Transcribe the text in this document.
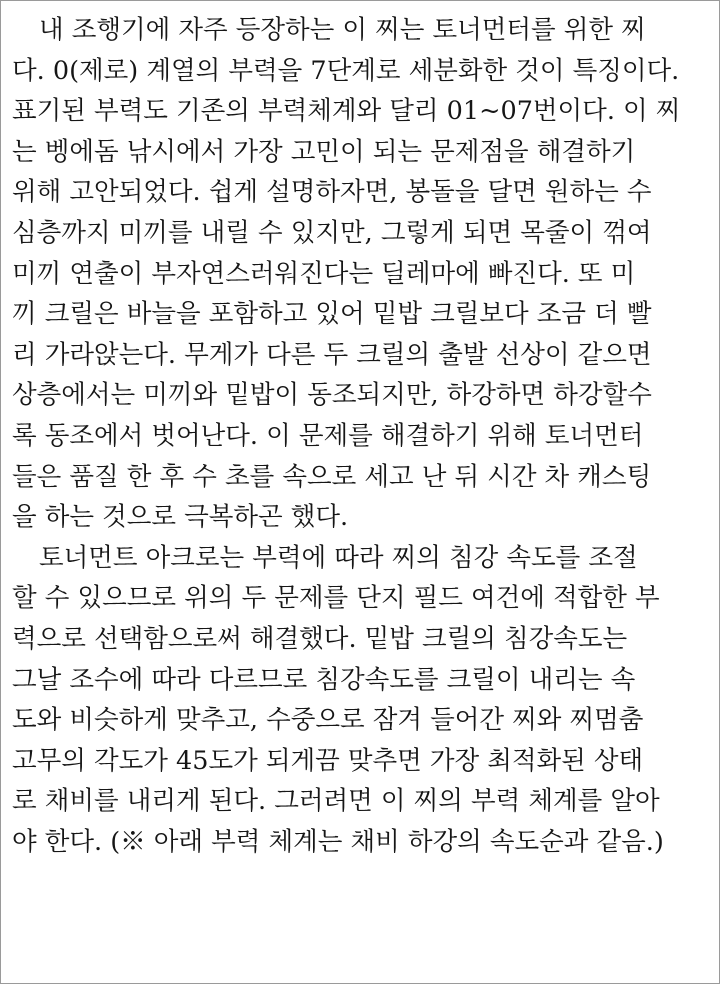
내 조행기에 자주 등장하는 이 찌는 토너먼터를 위한 찌
다. 0(제로) 계열의 부력을 7단계로 세분화한 것이 특징이다.
표기된 부력도 기존의 부력체계와 달리 01~07번이다. 이 찌
는 벵에돔 낚시에서 가장 고민이 되는 문제점을 해결하기
위해 고안되었다. 쉽게 설명하자면, 봉돌을 달면 원하는 수
심층까지 미끼를 내릴 수 있지만, 그렇게 되면 목줄이 꺾여
미끼 연출이 부자연스러워진다는 딜레마에 빠진다. 또 미
끼 크릴은 바늘을 포함하고 있어 밑밥 크릴보다 조금 더 빨
리 가라앉는다. 무게가 다른 두 크릴의 출발 선상이 같으면
상층에서는 미끼와 밑밥이 동조되지만, 하강하면 하강할수
록 동조에서 벗어난다. 이 문제를 해결하기 위해 토너먼터
들은 품질 한 후 수 초를 속으로 세고 난 뒤 시간 차 캐스팅
을 하는 것으로 극복하곤 했다.
토너먼트 아크로는 부력에 따라 찌의 침강 속도를 조절
할 수 있으므로 위의 두 문제를 단지 필드 여건에 적합한 부
력으로 선택함으로써 해결했다. 밑밥 크릴의 침강속도는
그날 조수에 따라 다르므로 침강속도를 크릴이 내리는 속
도와 비슷하게 맞추고, 수중으로 잠겨 들어간 찌와 찌멈춤
고무의 각도가 45도가 되게끔 맞추면 가장 최적화된 상태
로 채비를 내리게 된다. 그러려면 이 찌의 부력 체계를 알아
야 한다. (※ 아래 부력 체계는 채비 하강의 속도순과 같음.)
